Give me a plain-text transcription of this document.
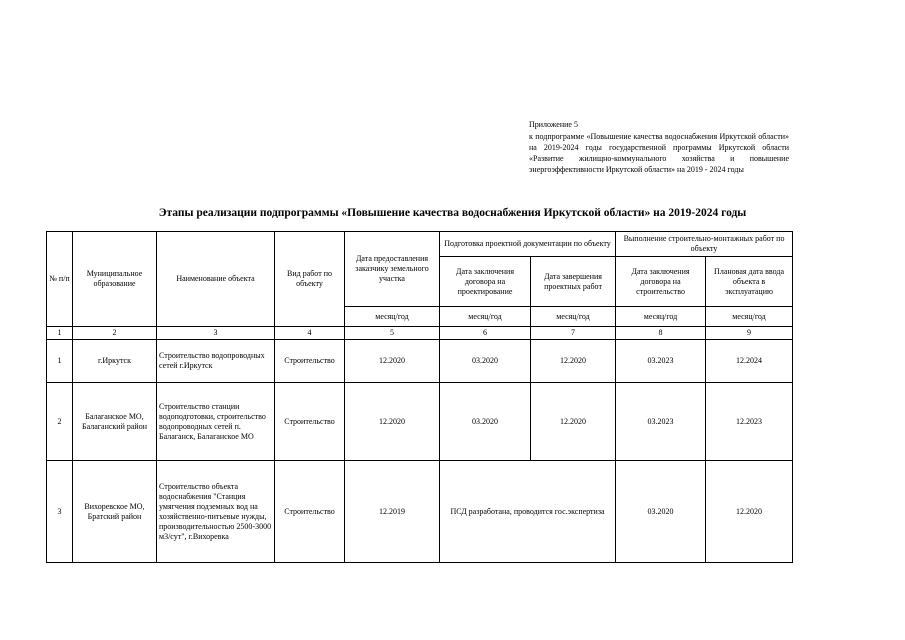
Приложение 5

к подпрограмме «Повышение качества водоснабжения Иркутской области» на 2019-2024 годы государственной программы Иркутской области «Развитие жилищно-коммунального хозяйства и повышение энергоэффективности Иркутской области» на 2019 - 2024 годы

Этапы реализации подпрограммы «Повышение качества водоснабжения Иркутской области» на 2019-2024 годы
№ п/п	Муниципальное образование	Наименование объекта	Вид работ по объекту	Дата предоставления заказчику земельного участка	Подготовка проектной документации по объекту		Выполнение строительно-монтажных работ по объекту	
					Дата заключения договора на проектирование	Дата завершения проектных работ	Дата заключения договора на строительство	Плановая дата ввода объекта в эксплуатацию
				месяц/год	месяц/год	месяц/год	месяц/год	месяц/год
1	2	3	4	5	6	7	8	9
1	г.Иркутск	Строительство водопроводных сетей г.Иркутск	Строительство	12.2020	03.2020	12.2020	03.2023	12.2024
2	Балаганское МО, Балаганский район	Строительство станции водоподготовки, строительство водопроводных сетей п. Балаганск, Балаганское МО	Строительство	12.2020	03.2020	12.2020	03.2023	12.2023
3	Вихоревское МО, Братский район	Строительство объекта водоснабжения "Станция умягчения подземных вод на хозяйственно-питьевые нужды, производительностью 2500-3000 м3/сут", г.Вихоревка	Строительство	12.2019	ПСД разработана, проводится гос.экспертиза		03.2020	12.2020
